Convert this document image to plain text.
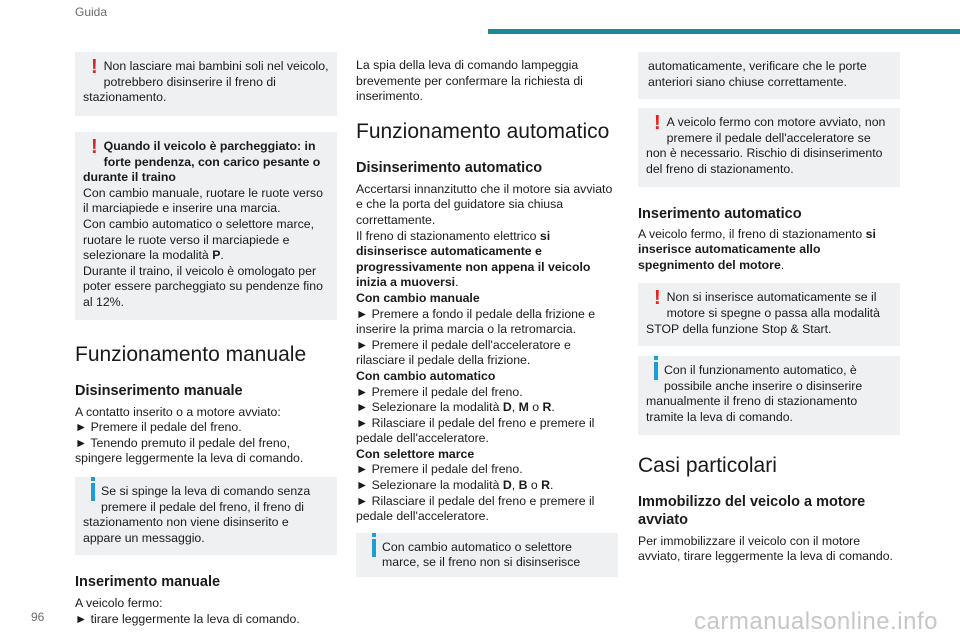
Guida
! Non lasciare mai bambini soli nel veicolo, potrebbero disinserire il freno di stazionamento.
! Quando il veicolo è parcheggiato: in forte pendenza, con carico pesante o durante il traino
Con cambio manuale, ruotare le ruote verso il marciapiede e inserire una marcia.
Con cambio automatico o selettore marce, ruotare le ruote verso il marciapiede e selezionare la modalità P.
Durante il traino, il veicolo è omologato per poter essere parcheggiato su pendenze fino al 12%.
Funzionamento manuale
Disinserimento manuale

A contatto inserito o a motore avviato:

► Premere il pedale del freno.

► Tenendo premuto il pedale del freno, spingere leggermente la leva di comando.

Se si spinge la leva di comando senza premere il pedale del freno, il freno di stazionamento non viene disinserito e appare un messaggio.
Inserimento manuale

A veicolo fermo:

► tirare leggermente la leva di comando.

La spia della leva di comando lampeggia brevemente per confermare la richiesta di inserimento.

Funzionamento automatico
Disinserimento automatico

Accertarsi innanzitutto che il motore sia avviato e che la porta del guidatore sia chiusa correttamente.

Il freno di stazionamento elettrico si disinserisce automaticamente e progressivamente non appena il veicolo inizia a muoversi.

Con cambio manuale

► Premere a fondo il pedale della frizione e inserire la prima marcia o la retromarcia.

► Premere il pedale dell'acceleratore e rilasciare il pedale della frizione.

Con cambio automatico

► Premere il pedale del freno.

► Selezionare la modalità D, M o R.

► Rilasciare il pedale del freno e premere il pedale dell'acceleratore.

Con selettore marce

► Premere il pedale del freno.

► Selezionare la modalità D, B o R.

► Rilasciare il pedale del freno e premere il pedale dell'acceleratore.

Con cambio automatico o selettore marce, se il freno non si disinserisce
automaticamente, verificare che le porte anteriori siano chiuse correttamente.
! A veicolo fermo con motore avviato, non premere il pedale dell'acceleratore se non è necessario. Rischio di disinserimento del freno di stazionamento.
Inserimento automatico

A veicolo fermo, il freno di stazionamento si inserisce automaticamente allo spegnimento del motore.

! Non si inserisce automaticamente se il motore si spegne o passa alla modalità STOP della funzione Stop & Start.
Con il funzionamento automatico, è possibile anche inserire o disinserire manualmente il freno di stazionamento tramite la leva di comando.
Casi particolari
Immobilizzo del veicolo a motore avviato

Per immobilizzare il veicolo con il motore avviato, tirare leggermente la leva di comando.

96	carmanualsonline.info
